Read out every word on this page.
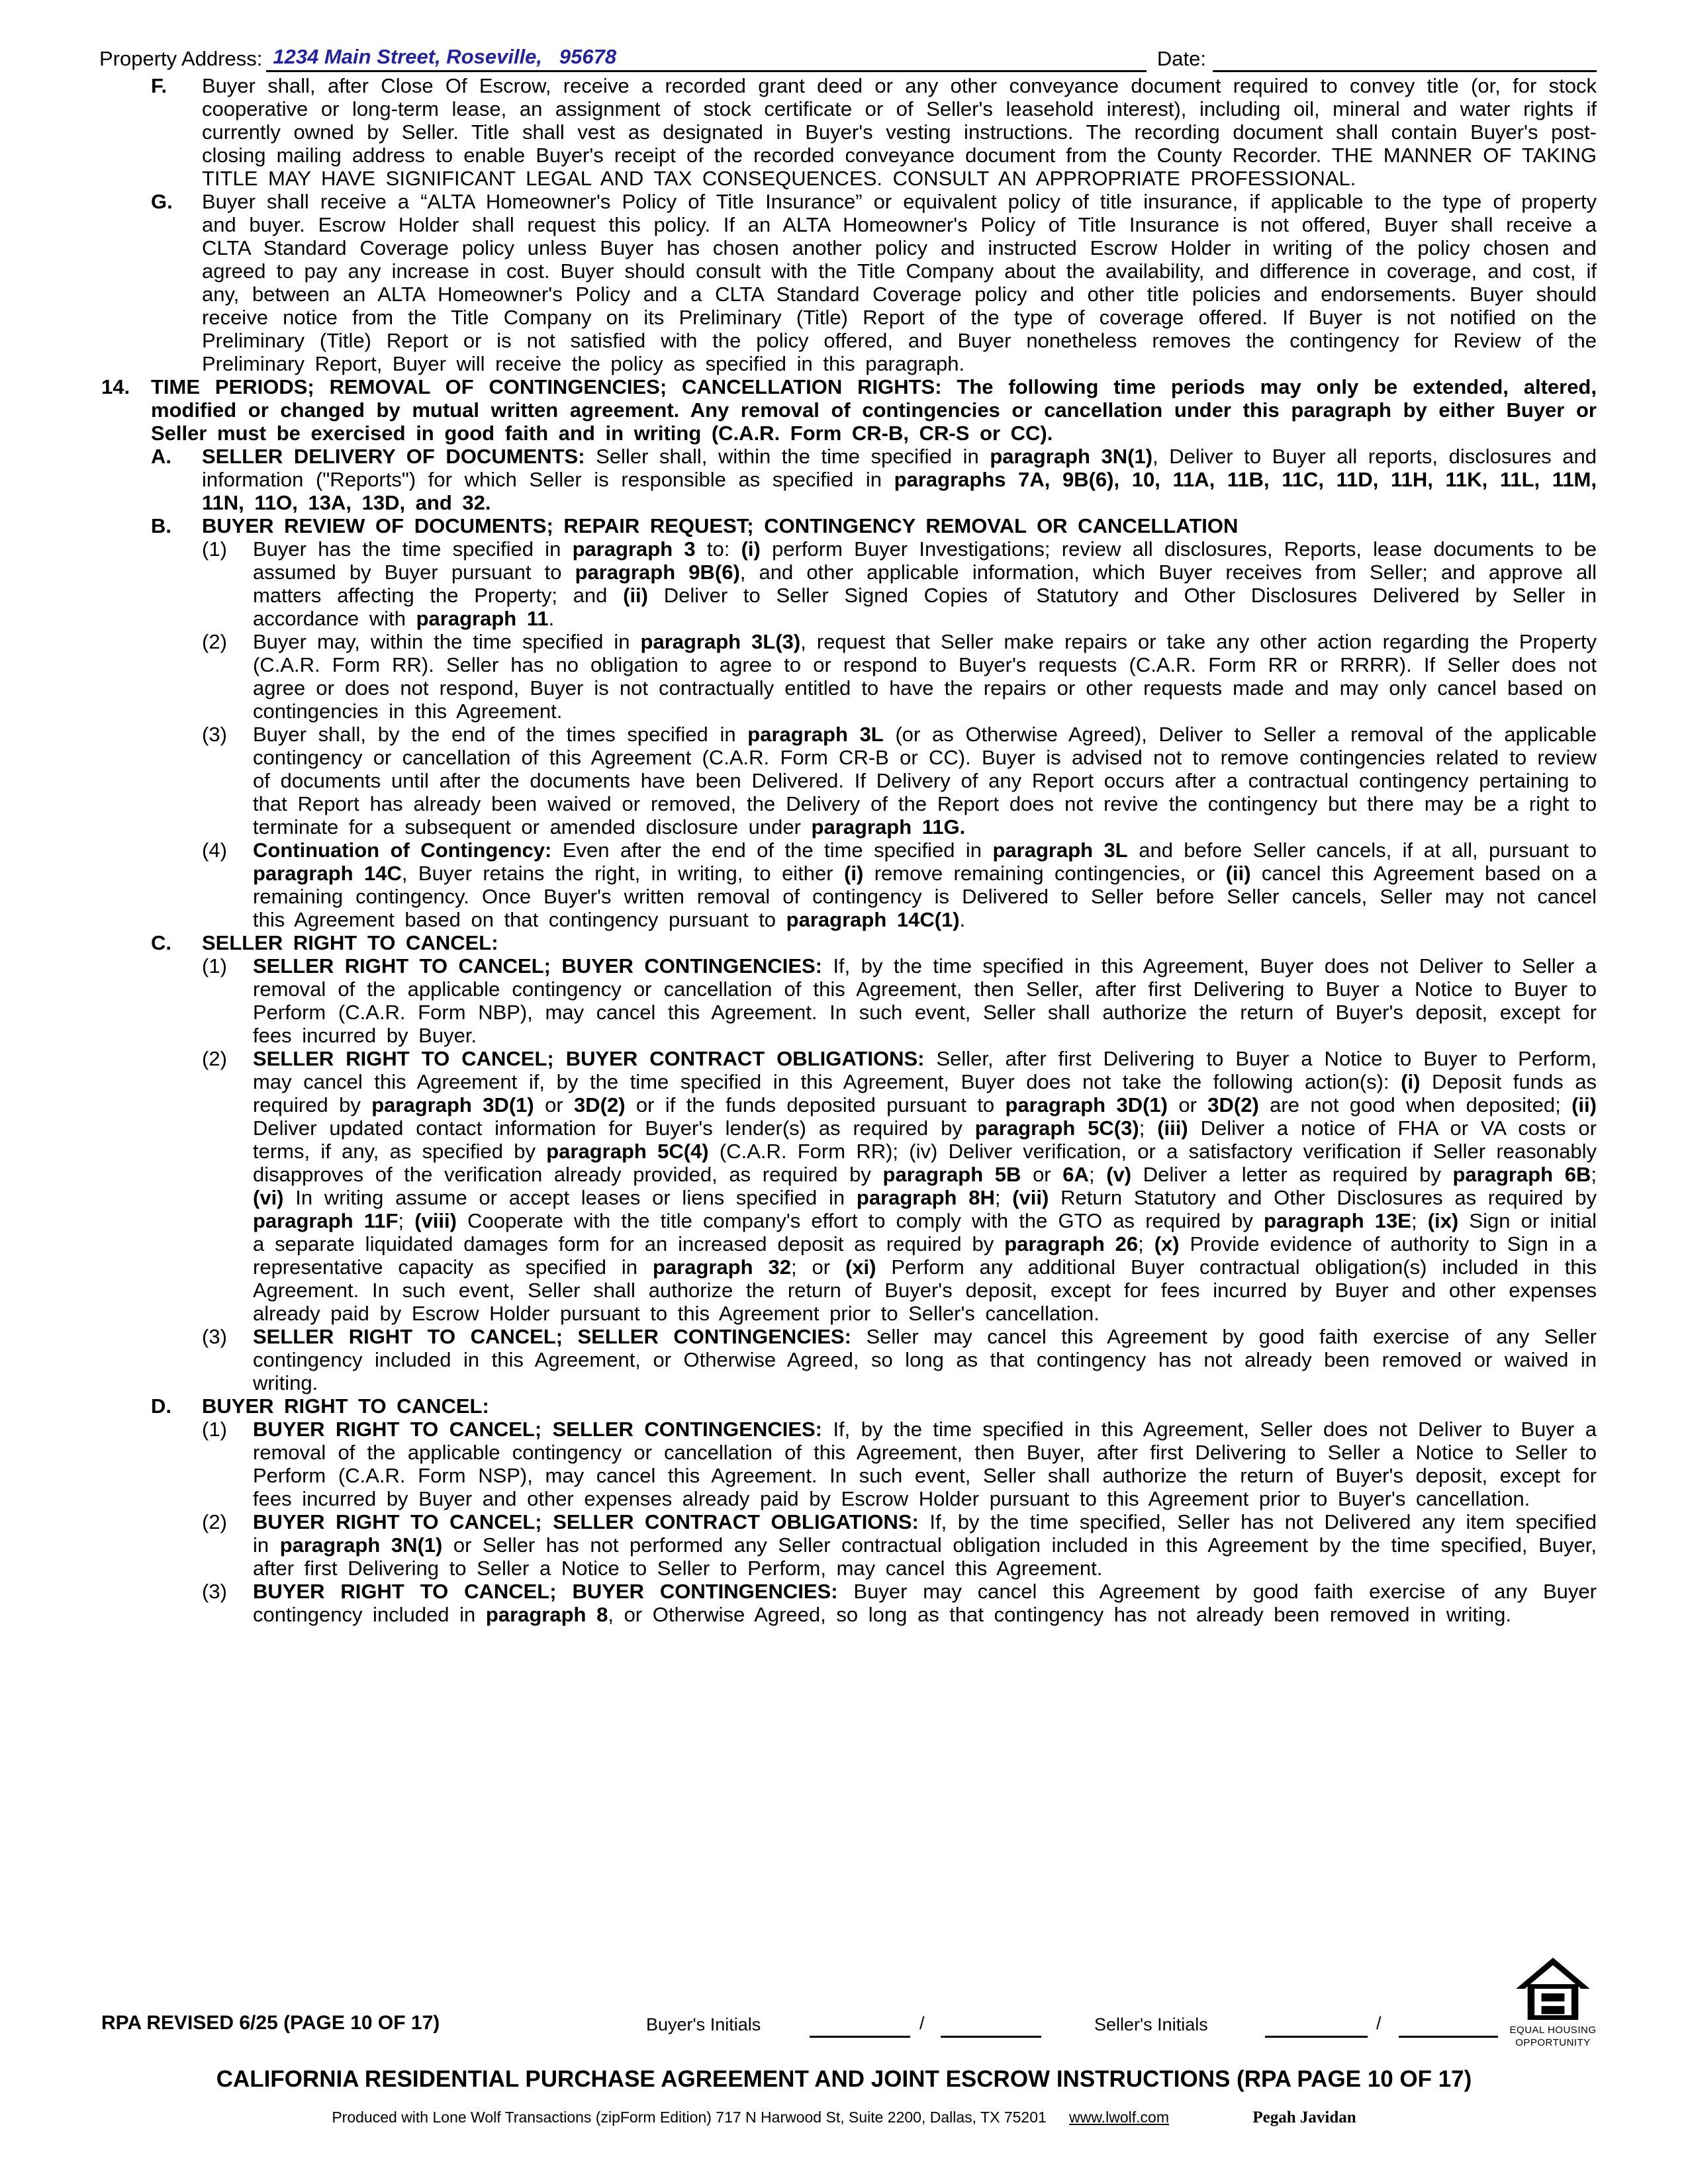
Property Address: 1234 Main Street, Roseville,   95678	Date:
F. Buyer shall, after Close Of Escrow, receive a recorded grant deed or any other conveyance document required to convey title (or, for stock cooperative or long-term lease, an assignment of stock certificate or of Seller's leasehold interest), including oil, mineral and water rights if currently owned by Seller. Title shall vest as designated in Buyer's vesting instructions. The recording document shall contain Buyer's post-closing mailing address to enable Buyer's receipt of the recorded conveyance document from the County Recorder. THE MANNER OF TAKING TITLE MAY HAVE SIGNIFICANT LEGAL AND TAX CONSEQUENCES. CONSULT AN APPROPRIATE PROFESSIONAL.
G. Buyer shall receive a “ALTA Homeowner's Policy of Title Insurance” or equivalent policy of title insurance, if applicable to the type of property and buyer. Escrow Holder shall request this policy. If an ALTA Homeowner's Policy of Title Insurance is not offered, Buyer shall receive a CLTA Standard Coverage policy unless Buyer has chosen another policy and instructed Escrow Holder in writing of the policy chosen and agreed to pay any increase in cost. Buyer should consult with the Title Company about the availability, and difference in coverage, and cost, if any, between an ALTA Homeowner's Policy and a CLTA Standard Coverage policy and other title policies and endorsements. Buyer should receive notice from the Title Company on its Preliminary (Title) Report of the type of coverage offered. If Buyer is not notified on the Preliminary (Title) Report or is not satisfied with the policy offered, and Buyer nonetheless removes the contingency for Review of the Preliminary Report, Buyer will receive the policy as specified in this paragraph.
14. TIME PERIODS; REMOVAL OF CONTINGENCIES; CANCELLATION RIGHTS: The following time periods may only be extended, altered, modified or changed by mutual written agreement. Any removal of contingencies or cancellation under this paragraph by either Buyer or Seller must be exercised in good faith and in writing (C.A.R. Form CR-B, CR-S or CC).
A. SELLER DELIVERY OF DOCUMENTS: Seller shall, within the time specified in paragraph 3N(1), Deliver to Buyer all reports, disclosures and information ("Reports") for which Seller is responsible as specified in paragraphs 7A, 9B(6), 10, 11A, 11B, 11C, 11D, 11H, 11K, 11L, 11M, 11N, 11O, 13A, 13D, and 32.
B. BUYER REVIEW OF DOCUMENTS; REPAIR REQUEST; CONTINGENCY REMOVAL OR CANCELLATION
(1) Buyer has the time specified in paragraph 3 to: (i) perform Buyer Investigations; review all disclosures, Reports, lease documents to be assumed by Buyer pursuant to paragraph 9B(6), and other applicable information, which Buyer receives from Seller; and approve all matters affecting the Property; and (ii) Deliver to Seller Signed Copies of Statutory and Other Disclosures Delivered by Seller in accordance with paragraph 11.
(2) Buyer may, within the time specified in paragraph 3L(3), request that Seller make repairs or take any other action regarding the Property (C.A.R. Form RR). Seller has no obligation to agree to or respond to Buyer's requests (C.A.R. Form RR or RRRR). If Seller does not agree or does not respond, Buyer is not contractually entitled to have the repairs or other requests made and may only cancel based on contingencies in this Agreement.
(3) Buyer shall, by the end of the times specified in paragraph 3L (or as Otherwise Agreed), Deliver to Seller a removal of the applicable contingency or cancellation of this Agreement (C.A.R. Form CR-B or CC). Buyer is advised not to remove contingencies related to review of documents until after the documents have been Delivered. If Delivery of any Report occurs after a contractual contingency pertaining to that Report has already been waived or removed, the Delivery of the Report does not revive the contingency but there may be a right to terminate for a subsequent or amended disclosure under paragraph 11G.
(4) Continuation of Contingency: Even after the end of the time specified in paragraph 3L and before Seller cancels, if at all, pursuant to paragraph 14C, Buyer retains the right, in writing, to either (i) remove remaining contingencies, or (ii) cancel this Agreement based on a remaining contingency. Once Buyer's written removal of contingency is Delivered to Seller before Seller cancels, Seller may not cancel this Agreement based on that contingency pursuant to paragraph 14C(1).
C. SELLER RIGHT TO CANCEL:
(1) SELLER RIGHT TO CANCEL; BUYER CONTINGENCIES: If, by the time specified in this Agreement, Buyer does not Deliver to Seller a removal of the applicable contingency or cancellation of this Agreement, then Seller, after first Delivering to Buyer a Notice to Buyer to Perform (C.A.R. Form NBP), may cancel this Agreement. In such event, Seller shall authorize the return of Buyer's deposit, except for fees incurred by Buyer.
(2) SELLER RIGHT TO CANCEL; BUYER CONTRACT OBLIGATIONS: Seller, after first Delivering to Buyer a Notice to Buyer to Perform, may cancel this Agreement if, by the time specified in this Agreement, Buyer does not take the following action(s): (i) Deposit funds as required by paragraph 3D(1) or 3D(2) or if the funds deposited pursuant to paragraph 3D(1) or 3D(2) are not good when deposited; (ii) Deliver updated contact information for Buyer's lender(s) as required by paragraph 5C(3); (iii) Deliver a notice of FHA or VA costs or terms, if any, as specified by paragraph 5C(4) (C.A.R. Form RR); (iv) Deliver verification, or a satisfactory verification if Seller reasonably disapproves of the verification already provided, as required by paragraph 5B or 6A; (v) Deliver a letter as required by paragraph 6B; (vi) In writing assume or accept leases or liens specified in paragraph 8H; (vii) Return Statutory and Other Disclosures as required by paragraph 11F; (viii) Cooperate with the title company's effort to comply with the GTO as required by paragraph 13E; (ix) Sign or initial a separate liquidated damages form for an increased deposit as required by paragraph 26; (x) Provide evidence of authority to Sign in a representative capacity as specified in paragraph 32; or (xi) Perform any additional Buyer contractual obligation(s) included in this Agreement. In such event, Seller shall authorize the return of Buyer's deposit, except for fees incurred by Buyer and other expenses already paid by Escrow Holder pursuant to this Agreement prior to Seller's cancellation.
(3) SELLER RIGHT TO CANCEL; SELLER CONTINGENCIES: Seller may cancel this Agreement by good faith exercise of any Seller contingency included in this Agreement, or Otherwise Agreed, so long as that contingency has not already been removed or waived in writing.
D. BUYER RIGHT TO CANCEL:
(1) BUYER RIGHT TO CANCEL; SELLER CONTINGENCIES: If, by the time specified in this Agreement, Seller does not Deliver to Buyer a removal of the applicable contingency or cancellation of this Agreement, then Buyer, after first Delivering to Seller a Notice to Seller to Perform (C.A.R. Form NSP), may cancel this Agreement. In such event, Seller shall authorize the return of Buyer's deposit, except for fees incurred by Buyer and other expenses already paid by Escrow Holder pursuant to this Agreement prior to Buyer's cancellation.
(2) BUYER RIGHT TO CANCEL; SELLER CONTRACT OBLIGATIONS: If, by the time specified, Seller has not Delivered any item specified in paragraph 3N(1) or Seller has not performed any Seller contractual obligation included in this Agreement by the time specified, Buyer, after first Delivering to Seller a Notice to Seller to Perform, may cancel this Agreement.
(3) BUYER RIGHT TO CANCEL; BUYER CONTINGENCIES: Buyer may cancel this Agreement by good faith exercise of any Buyer contingency included in paragraph 8, or Otherwise Agreed, so long as that contingency has not already been removed in writing.
RPA REVISED 6/25 (PAGE 10 OF 17)	Buyer's Initials	/	Seller's Initials	/	EQUAL HOUSING
OPPORTUNITY
CALIFORNIA RESIDENTIAL PURCHASE AGREEMENT AND JOINT ESCROW INSTRUCTIONS (RPA PAGE 10 OF 17)
Produced with Lone Wolf Transactions (zipForm Edition) 717 N Harwood St, Suite 2200, Dallas, TX 75201 www.lwolf.com	Pegah Javidan
